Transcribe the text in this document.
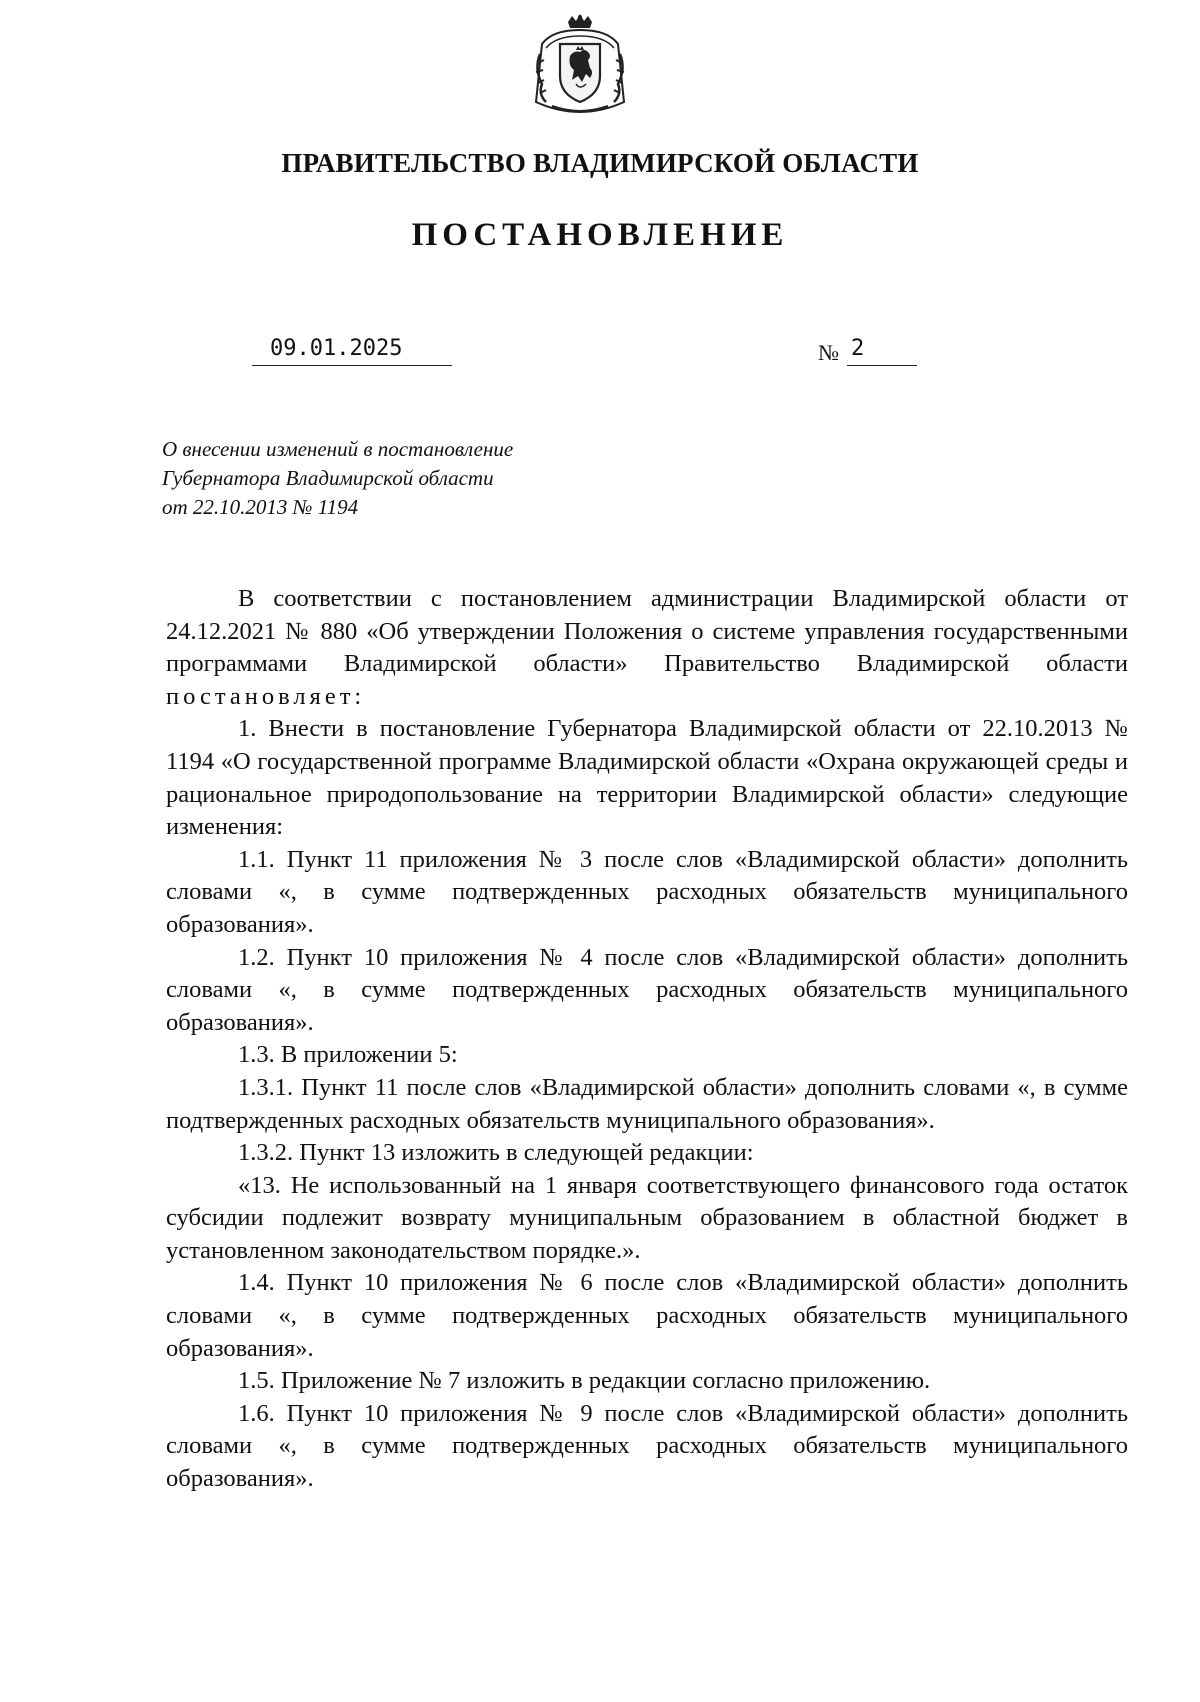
ПРАВИТЕЛЬСТВО ВЛАДИМИРСКОЙ ОБЛАСТИ
ПОСТАНОВЛЕНИЕ
09.01.2025	№ 2
О внесении изменений в постановление
Губернатора Владимирской области
от 22.10.2013 № 1194

В соответствии с постановлением администрации Владимирской области от 24.12.2021 № 880 «Об утверждении Положения о системе управления государственными программами Владимирской области» Правительство Владимирской области постановляет:

1. Внести в постановление Губернатора Владимирской области от 22.10.2013 № 1194 «О государственной программе Владимирской области «Охрана окружающей среды и рациональное природопользование на территории Владимирской области» следующие изменения:

1.1. Пункт 11 приложения № 3 после слов «Владимирской области» дополнить словами «, в сумме подтвержденных расходных обязательств муниципального образования».

1.2. Пункт 10 приложения № 4 после слов «Владимирской области» дополнить словами «, в сумме подтвержденных расходных обязательств муниципального образования».

1.3. В приложении 5:

1.3.1. Пункт 11 после слов «Владимирской области» дополнить словами «, в сумме подтвержденных расходных обязательств муниципального образования».

1.3.2. Пункт 13 изложить в следующей редакции:

«13. Не использованный на 1 января соответствующего финансового года остаток субсидии подлежит возврату муниципальным образованием в областной бюджет в установленном законодательством порядке.».

1.4. Пункт 10 приложения № 6 после слов «Владимирской области» дополнить словами «, в сумме подтвержденных расходных обязательств муниципального образования».

1.5. Приложение № 7 изложить в редакции согласно приложению.

1.6. Пункт 10 приложения № 9 после слов «Владимирской области» дополнить словами «, в сумме подтвержденных расходных обязательств муниципального образования».
